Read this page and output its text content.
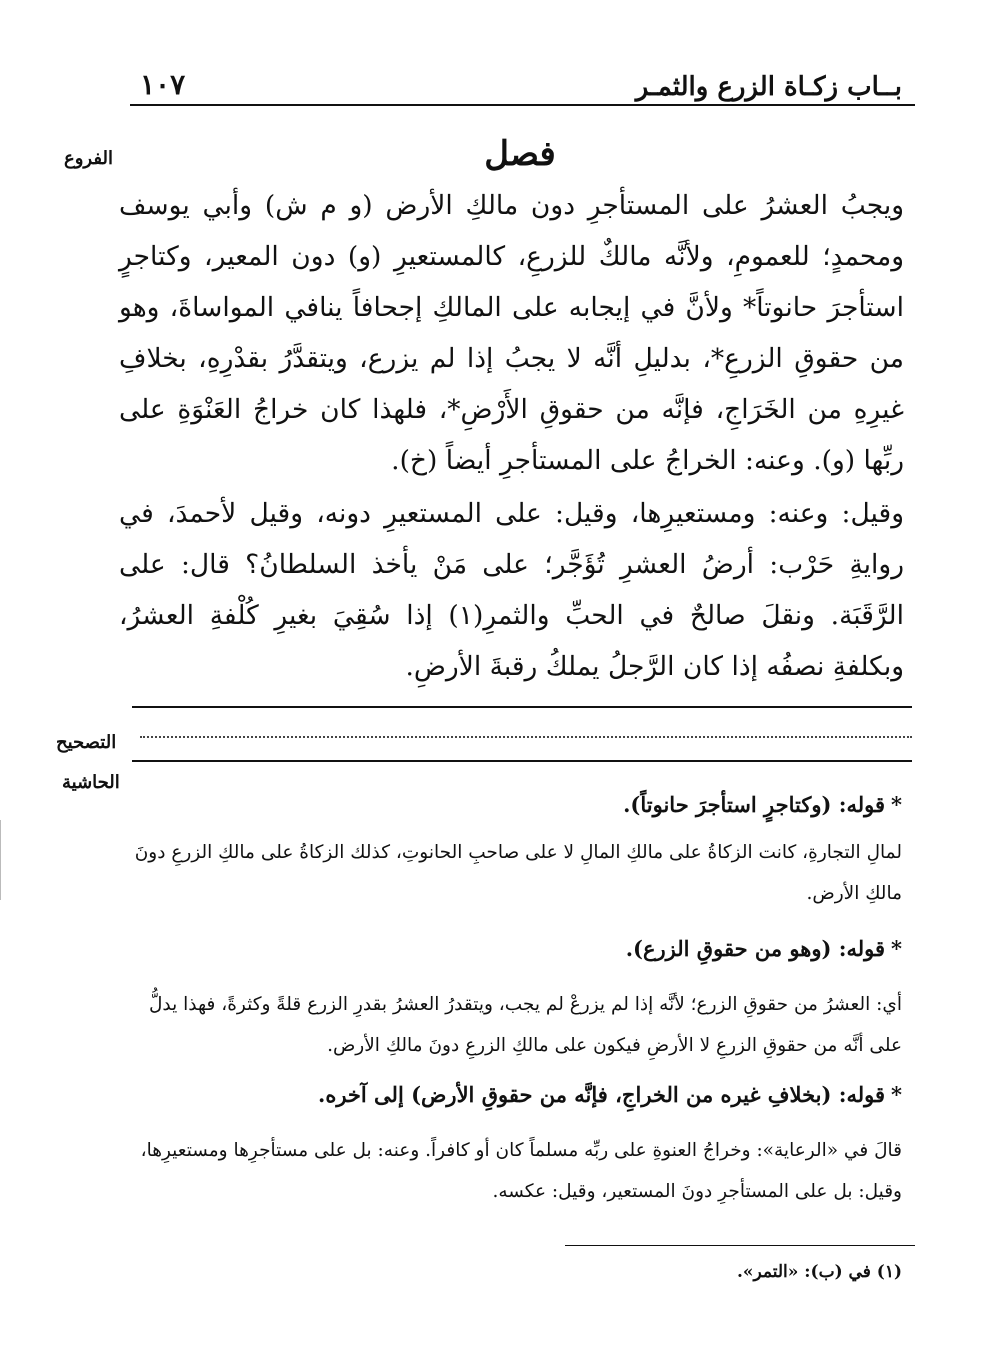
بــاب زكـاة الزرع والثمـر
١٠٧
الفروع
التصحيح
الحاشية
فصل
ويجبُ العشرُ على المستأجرِ دون مالكِ الأرض (و م ش) وأبي يوسف ومحمدٍ؛ للعمومِ، ولأنَّه مالكٌ للزرعِ، كالمستعيرِ (و) دون المعير، وكتاجرٍ استأجرَ حانوتاً* ولأنَّ في إيجابه على المالكِ إجحافاً ينافي المواساةَ، وهو من حقوقِ الزرعِ*، بدليلِ أنَّه لا يجبُ إذا لم يزرع، ويتقدَّرُ بقدْرِهِ، بخلافِ غيرِهِ من الخَرَاجِ، فإنَّه من حقوقِ الأَرْضِ*، فلهذا كان خراجُ العَنْوَةِ على ربِّها (و). وعنه: الخراجُ على المستأجرِ أيضاً (خ).
وقيل: وعنه: ومستعيرِها، وقيل: على المستعيرِ دونه، وقيل لأحمدَ، في روايةِ حَرْب: أرضُ العشرِ تُؤَجَّر؛ على مَنْ يأخذ السلطانُ؟ قال: على الرَّقَبَة. ونقلَ صالحٌ في الحبِّ والثمرِ(١) إذا سُقِيَ بغيرِ كُلْفةِ العشرُ، وبكلفةِ نصفُه إذا كان الرَّجلُ يملكُ رقبةَ الأرضِ.
*قوله: (وكتاجرٍ استأجرَ حانوتاً).
لمالِ التجارةِ، كانت الزكاةُ على مالكِ المالِ لا على صاحبِ الحانوتِ، كذلك الزكاةُ على مالكِ الزرعِ دونَ مالكِ الأرض.
*قوله: (وهو من حقوقِ الزرع).
أي: العشرُ من حقوقِ الزرع؛ لأنَّه إذا لم يزرعْ لم يجب، ويتقدرُ العشرُ بقدرِ الزرع قلةً وكثرةً، فهذا يدلُّ على أنَّه من حقوقِ الزرعِ لا الأرضِ فيكون على مالكِ الزرعِ دونَ مالكِ الأرض.
*قوله: (بخلافِ غيره من الخراجِ، فإنَّه من حقوقِ الأرض) إلى آخره.
قالَ في «الرعاية»: وخراجُ العنوةِ على ربِّه مسلماً كان أو كافراً. وعنه: بل على مستأجرِها ومستعيرِها، وقيل: بل على المستأجرِ دونَ المستعير، وقيل: عكسه.
(١) في (ب): «التمر».
